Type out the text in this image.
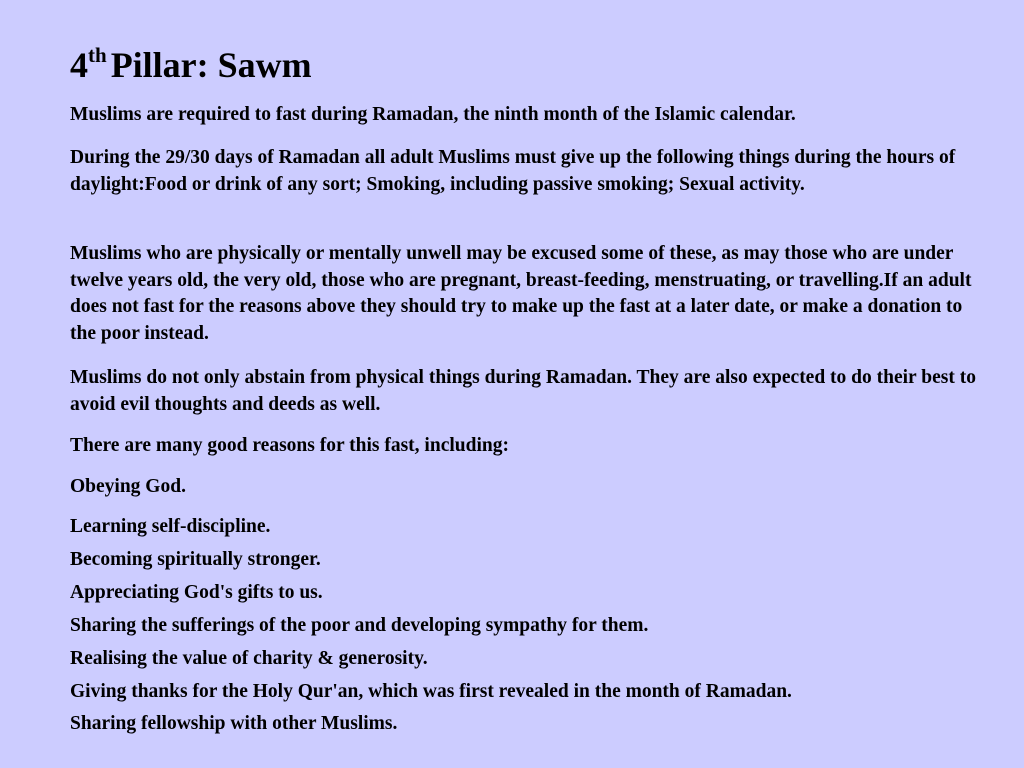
4th Pillar: Sawm

Muslims are required to fast during Ramadan, the ninth month of the Islamic calendar.

During the 29/30 days of Ramadan all adult Muslims must give up the following things during the hours of daylight:Food or drink of any sort; Smoking, including passive smoking; Sexual activity.

Muslims who are physically or mentally unwell may be excused some of these, as may those who are under twelve years old, the very old, those who are pregnant, breast-feeding, menstruating, or travelling.If an adult does not fast for the reasons above they should try to make up the fast at a later date, or make a donation to the poor instead.

Muslims do not only abstain from physical things during Ramadan. They are also expected to do their best to avoid evil thoughts and deeds as well.

There are many good reasons for this fast, including:

Obeying God.

Learning self-discipline.

Becoming spiritually stronger.

Appreciating God's gifts to us.

Sharing the sufferings of the poor and developing sympathy for them.

Realising the value of charity & generosity.

Giving thanks for the Holy Qur'an, which was first revealed in the month of Ramadan.

Sharing fellowship with other Muslims.
